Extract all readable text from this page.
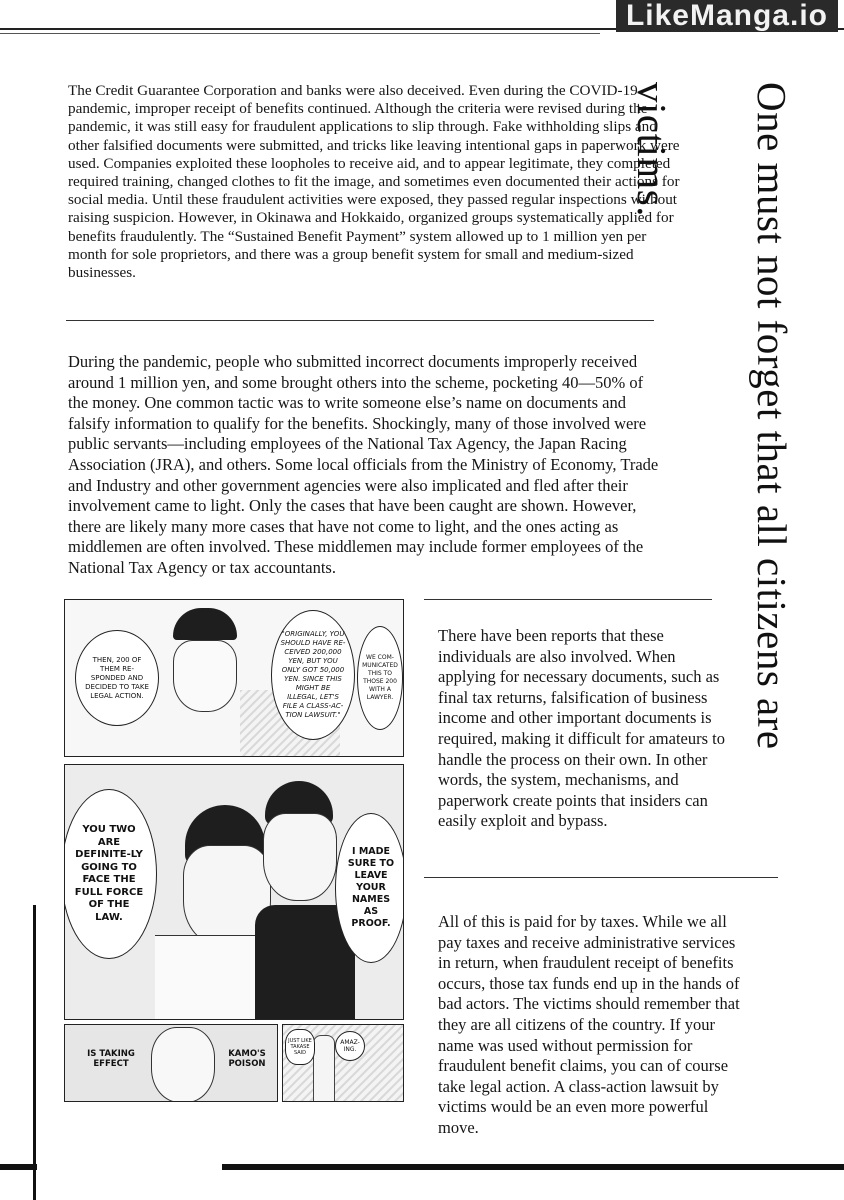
LikeManga.io

The Credit Guarantee Corporation and banks were also deceived. Even during the COVID-19 pandemic, improper receipt of benefits continued. Although the criteria were revised during the pandemic, it was still easy for fraudulent applications to slip through. Fake withholding slips and other falsified documents were submitted, and tricks like leaving intentional gaps in paperwork were used. Companies exploited these loopholes to receive aid, and to appear legitimate, they completed required training, changed clothes to fit the image, and sometimes even documented their actions for social media. Until these fraudulent activities were exposed, they passed regular inspections without raising suspicion. However, in Okinawa and Hokkaido, organized groups systematically applied for benefits fraudulently. The “Sustained Benefit Payment” system allowed up to 1 million yen per month for sole proprietors, and there was a group benefit system for small and medium-sized businesses.

During the pandemic, people who submitted incorrect documents improperly received around 1 million yen, and some brought others into the scheme, pocketing 40—50% of the money. One common tactic was to write someone else’s name on documents and falsify information to qualify for the benefits. Shockingly, many of those involved were public servants—including employees of the National Tax Agency, the Japan Racing Association (JRA), and others. Some local officials from the Ministry of Economy, Trade and Industry and other government agencies were also implicated and fled after their involvement came to light. Only the cases that have been caught are shown. However, there are likely many more cases that have not come to light, and the ones acting as middlemen are often involved. These middlemen may include former employees of the National Tax Agency or tax accountants.	One must not forget that all citizens are victims.
THEN, 200 OF THEM RE-SPONDED AND DECIDED TO TAKE LEGAL ACTION.
"ORIGINALLY, YOU SHOULD HAVE RE-CEIVED 200,000 YEN, BUT YOU ONLY GOT 50,000 YEN. SINCE THIS MIGHT BE ILLEGAL, LET'S FILE A CLASS-AC-TION LAWSUIT."
WE COM-MUNICATED THIS TO THOSE 200 WITH A LAWYER.
YOU TWO ARE DEFINITE-LY GOING TO FACE THE FULL FORCE OF THE LAW.
I MADE SURE TO LEAVE YOUR NAMES AS PROOF.
IS TAKING EFFECT
KAMO'S POISON
JUST LIKE TAKASE SAID
AMAZ-ING.

There have been reports that these individuals are also involved. When applying for necessary documents, such as final tax returns, falsification of business income and other important documents is required, making it difficult for amateurs to handle the process on their own. In other words, the system, mechanisms, and paperwork create points that insiders can easily exploit and bypass.

All of this is paid for by taxes. While we all pay taxes and receive administrative services in return, when fraudulent receipt of benefits occurs, those tax funds end up in the hands of bad actors. The victims should remember that they are all citizens of the country. If your name was used without permission for fraudulent benefit claims, you can of course take legal action. A class-action lawsuit by victims would be an even more powerful move.
